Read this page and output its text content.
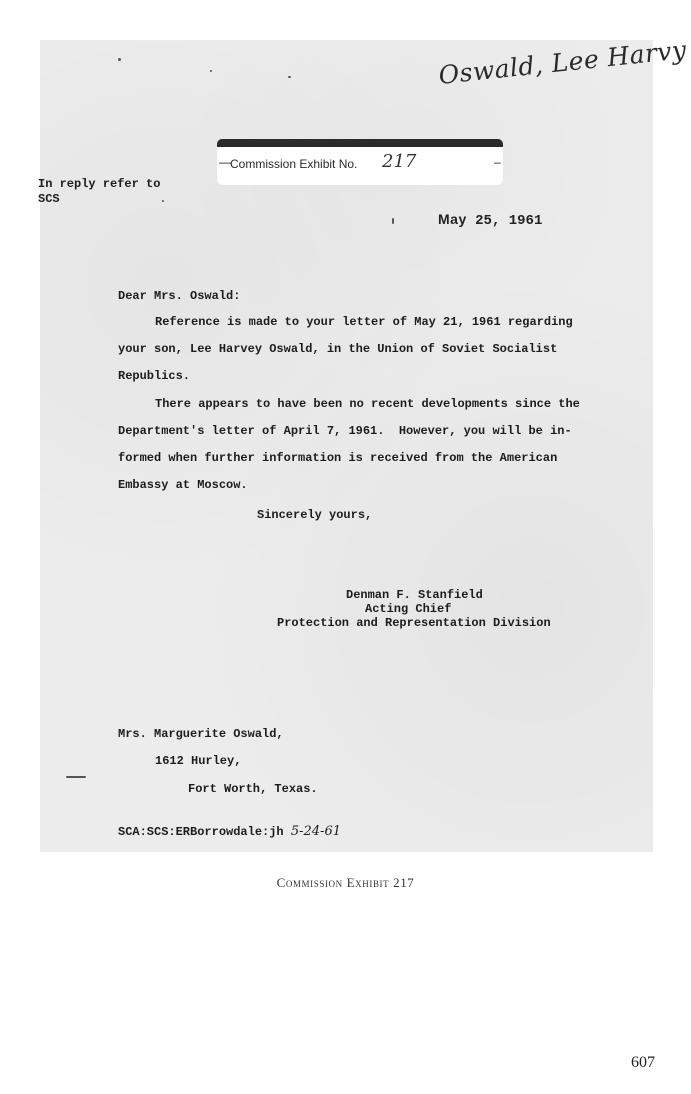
Oswald, Lee Harvy
— Commission Exhibit No. 217	–
In reply refer to
SCS
May 25, 1961
Dear Mrs. Oswald:
Reference is made to your letter of May 21, 1961 regarding
your son, Lee Harvey Oswald, in the Union of Soviet Socialist
Republics.
There appears to have been no recent developments since the
Department's letter of April 7, 1961.  However, you will be in-
formed when further information is received from the American
Embassy at Moscow.
Sincerely yours,
Denman F. Stanfield
Acting Chief
Protection and Representation Division
Mrs. Marguerite Oswald,
1612 Hurley,
Fort Worth, Texas.
SCA:SCS:ERBorrowdale:jh 5-24-61
Commission Exhibit 217
607
